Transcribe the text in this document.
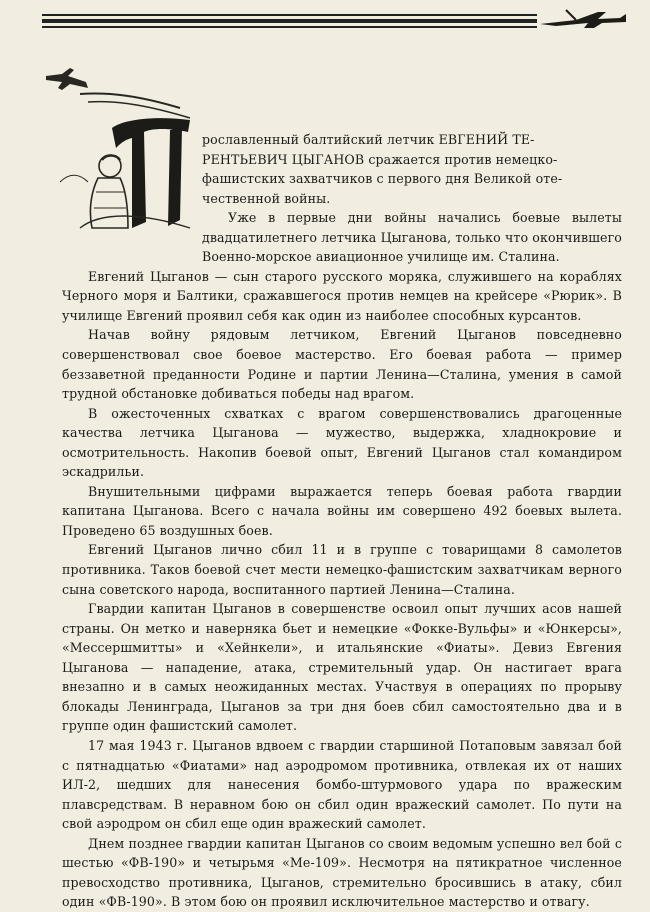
рославленный балтийский летчик ЕВГЕНИЙ ТЕ-
РЕНТЬЕВИЧ ЦЫГАНОВ сражается против немецко-
фашистских захватчиков с первого дня Великой оте-
чественной войны.

Уже в первые дни войны начались боевые вылеты двадцатилетнего летчика Цыганова, только что окончившего Военно-морское авиационное училище им. Сталина.

Евгений Цыганов — сын старого русского моряка, служившего на кораблях Черного моря и Балтики, сражавшегося против немцев на крейсере «Рюрик». В училище Евгений проявил себя как один из наиболее способных курсантов.

Начав войну рядовым летчиком, Евгений Цыганов повседневно совершенствовал свое боевое мастерство. Его боевая работа — пример беззаветной преданности Родине и партии Ленина—Сталина, умения в самой трудной обстановке добиваться победы над врагом.

В ожесточенных схватках с врагом совершенствовались драгоценные качества летчика Цыганова — мужество, выдержка, хладнокровие и осмотрительность. Накопив боевой опыт, Евгений Цыганов стал командиром эскадрильи.

Внушительными цифрами выражается теперь боевая работа гвардии капитана Цыганова. Всего с начала войны им совершено 492 боевых вылета. Проведено 65 воздушных боев.

Евгений Цыганов лично сбил 11 и в группе с товарищами 8 самолетов противника. Таков боевой счет мести немецко-фашистским захватчикам верного сына советского народа, воспитанного партией Ленина—Сталина.

Гвардии капитан Цыганов в совершенстве освоил опыт лучших асов нашей страны. Он метко и наверняка бьет и немецкие «Фокке-Вульфы» и «Юнкерсы», «Мессершмитты» и «Хейнкели», и итальянские «Фиаты». Девиз Евгения Цыганова — нападение, атака, стремительный удар. Он настигает врага внезапно и в самых неожиданных местах. Участвуя в операциях по прорыву блокады Ленинграда, Цыганов за три дня боев сбил самостоятельно два и в группе один фашистский самолет.

17 мая 1943 г. Цыганов вдвоем с гвардии старшиной Потаповым завязал бой с пятнадцатью «Фиатами» над аэродромом противника, отвлекая их от наших ИЛ-2, шедших для нанесения бомбо-штурмового удара по вражеским плавсредствам. В неравном бою он сбил один вражеский самолет. По пути на свой аэродром он сбил еще один вражеский самолет.

Днем позднее гвардии капитан Цыганов со своим ведомым успешно вел бой с шестью «ФВ-190» и четырьмя «Ме-109». Несмотря на пятикратное численное превосходство противника, Цыганов, стремительно бросившись в атаку, сбил один «ФВ-190». В этом бою он проявил исключительное мастерство и отвагу.
